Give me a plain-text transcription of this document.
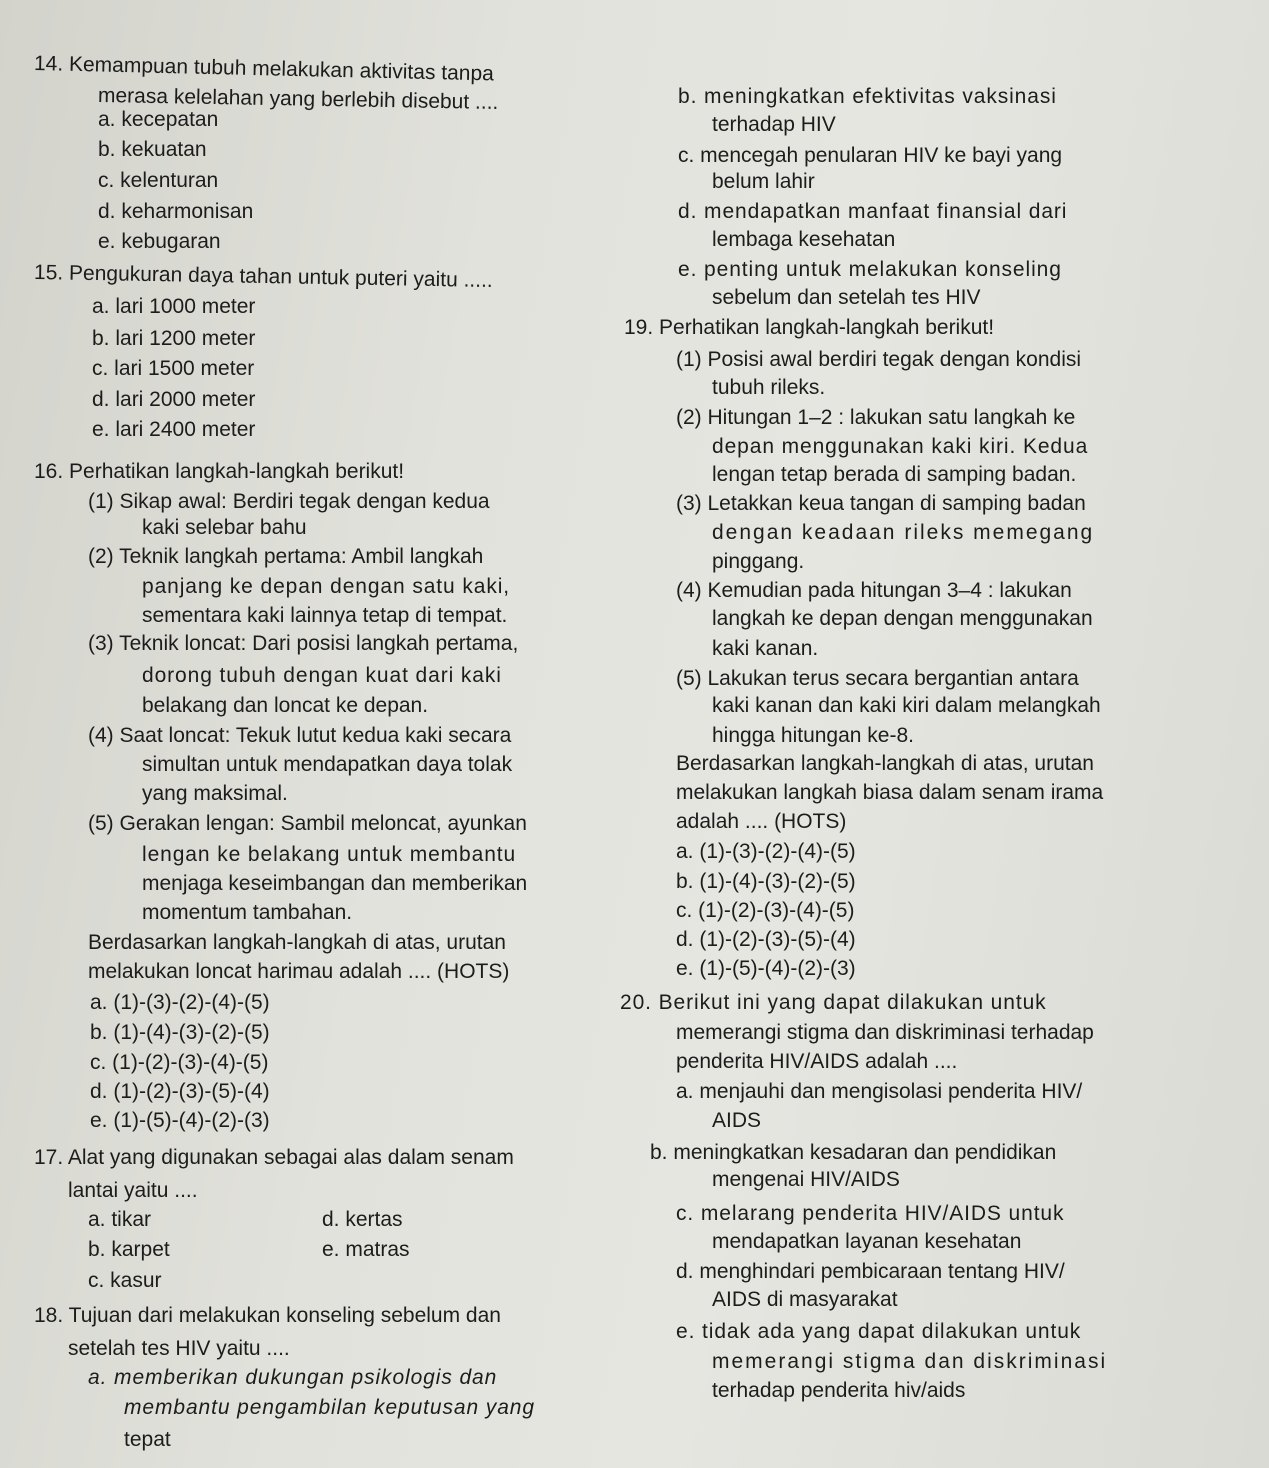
14. Kemampuan tubuh melakukan aktivitas tanpa
merasa kelelahan yang berlebih disebut ....
a. kecepatan
b. kekuatan
c. kelenturan
d. keharmonisan
e. kebugaran
15. Pengukuran daya tahan untuk puteri yaitu .....
a. lari 1000 meter
b. lari 1200 meter
c. lari 1500 meter
d. lari 2000 meter
e. lari 2400 meter
16. Perhatikan langkah-langkah berikut!
(1) Sikap awal: Berdiri tegak dengan kedua
kaki selebar bahu
(2) Teknik langkah pertama: Ambil langkah
panjang ke depan dengan satu kaki,
sementara kaki lainnya tetap di tempat.
(3) Teknik loncat: Dari posisi langkah pertama,
dorong tubuh dengan kuat dari kaki
belakang dan loncat ke depan.
(4) Saat loncat: Tekuk lutut kedua kaki secara
simultan untuk mendapatkan daya tolak
yang maksimal.
(5) Gerakan lengan: Sambil meloncat, ayunkan
lengan ke belakang untuk membantu
menjaga keseimbangan dan memberikan
momentum tambahan.
Berdasarkan langkah-langkah di atas, urutan
melakukan loncat harimau adalah .... (HOTS)
a. (1)-(3)-(2)-(4)-(5)
b. (1)-(4)-(3)-(2)-(5)
c. (1)-(2)-(3)-(4)-(5)
d. (1)-(2)-(3)-(5)-(4)
e. (1)-(5)-(4)-(2)-(3)
17. Alat yang digunakan sebagai alas dalam senam
lantai yaitu ....
a. tikar
b. karpet
c. kasur
d. kertas
e. matras
18. Tujuan dari melakukan konseling sebelum dan
setelah tes HIV yaitu ....
a. memberikan dukungan psikologis dan
membantu pengambilan keputusan yang
tepat
b. meningkatkan efektivitas vaksinasi
terhadap HIV
c. mencegah penularan HIV ke bayi yang
belum lahir
d. mendapatkan manfaat finansial dari
lembaga kesehatan
e. penting untuk melakukan konseling
sebelum dan setelah tes HIV
19. Perhatikan langkah-langkah berikut!
(1) Posisi awal berdiri tegak dengan kondisi
tubuh rileks.
(2) Hitungan 1–2 : lakukan satu langkah ke
depan menggunakan kaki kiri. Kedua
lengan tetap berada di samping badan.
(3) Letakkan keua tangan di samping badan
dengan keadaan rileks memegang
pinggang.
(4) Kemudian pada hitungan 3–4 : lakukan
langkah ke depan dengan menggunakan
kaki kanan.
(5) Lakukan terus secara bergantian antara
kaki kanan dan kaki kiri dalam melangkah
hingga hitungan ke-8.
Berdasarkan langkah-langkah di atas, urutan
melakukan langkah biasa dalam senam irama
adalah .... (HOTS)
a. (1)-(3)-(2)-(4)-(5)
b. (1)-(4)-(3)-(2)-(5)
c. (1)-(2)-(3)-(4)-(5)
d. (1)-(2)-(3)-(5)-(4)
e. (1)-(5)-(4)-(2)-(3)
20. Berikut ini yang dapat dilakukan untuk
memerangi stigma dan diskriminasi terhadap
penderita HIV/AIDS adalah ....
a. menjauhi dan mengisolasi penderita HIV/
AIDS
b. meningkatkan kesadaran dan pendidikan
mengenai HIV/AIDS
c. melarang penderita HIV/AIDS untuk
mendapatkan layanan kesehatan
d. menghindari pembicaraan tentang HIV/
AIDS di masyarakat
e. tidak ada yang dapat dilakukan untuk
memerangi stigma dan diskriminasi
terhadap penderita hiv/aids
